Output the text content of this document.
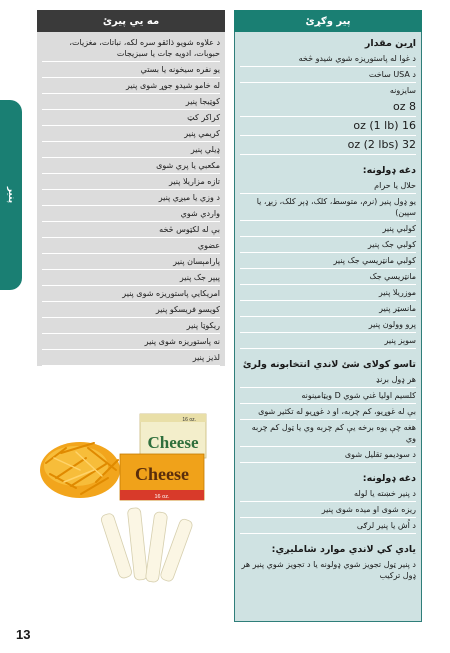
پنير
پير وګړئ
اړين مقدار
د غوا له پاستوريزه شوي شيدو څخه
د USA ساخت
سايزونه
8 oz
16 oz (1 lb)
32 oz (2 lbs)
دغه ډولونه:
حلال يا حرام
يو ډول پنير (نرم، متوسط، کلک، ډېر کلک، زېړ، يا سپين)
کولبي پنير
کولبي جک پنير
کولبي مانټريسي جک پنير
مانټريسي جک
موزريلا پنير
مانسټر پنير
پرو وولون پنير
سوېز پنير
تاسو کولای شئ لاندي انتخابونه ولرئ
هر ډول برنډ
کلسيم اوليا غني شوي D ويټامينونه
بې له غوړيو، کم چربه، او د غوړيو له تکثير شوی
هغه چې يوه برخه يې کم چربه وي يا ټول کم چربه وي
د سوديمو تقليل شوی
دغه ډولونه:
د پنير خښته يا لوله
ريزه شوی او ميده شوی پنير
د اُش يا پنير لرګی
يادي کي لاندي موارد شامليږي:
د پنير ټول تجويز شوي ډولونه يا د تجويز شوي پنير هر ډول ترکيب
مه يي پيرئ
د علاوه شويو ذائقو سره لکه، نباتات، مغزيات، حبوبات، ادويه جات يا سبزيجات
يو نفره سيخونه يا بستي
له خامو شيدو جوړ شوی پنير
کوټيجا پنير
کراکر کټ
کريمي پنير
ډيلي پنير
مکعبي يا پري شوی
تازه مزاريلا پنير
د وزي يا ميږي پنير
واردي شوي
بې له لکټوس څخه
عضوي
پارامېسان پنير
پيپر جک پنير
امريکايي پاستوريزه شوی پنير
کويسو فريسکو پنير
ريکوټا پنير
نه پاستوريزه شوی پنير
لذيز پنير
16 oz.
Cheese
Cheese
16 oz.
13
